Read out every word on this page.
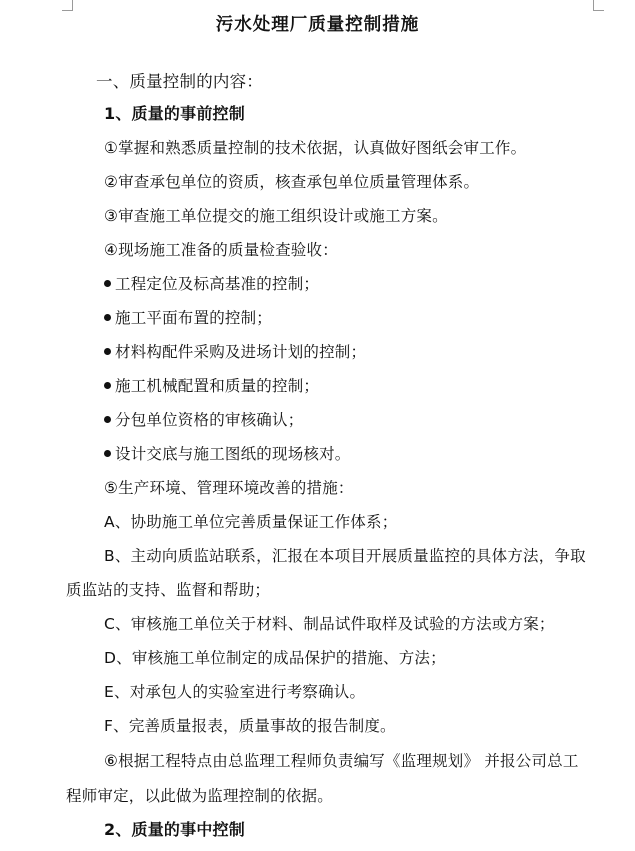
污水处理厂质量控制措施
一、质量控制的内容：
1、质量的事前控制
①掌握和熟悉质量控制的技术依据，认真做好图纸会审工作。
②审查承包单位的资质，核查承包单位质量管理体系。
③审查施工单位提交的施工组织设计或施工方案。
④现场施工准备的质量检查验收：
工程定位及标高基准的控制；
施工平面布置的控制；
材料构配件采购及进场计划的控制；
施工机械配置和质量的控制；
分包单位资格的审核确认；
设计交底与施工图纸的现场核对。
⑤生产环境、管理环境改善的措施：
A、协助施工单位完善质量保证工作体系；
B、主动向质监站联系，汇报在本项目开展质量监控的具体方法，争取
质监站的支持、监督和帮助；
C、审核施工单位关于材料、制品试件取样及试验的方法或方案；
D、审核施工单位制定的成品保护的措施、方法；
E、对承包人的实验室进行考察确认。
F、完善质量报表，质量事故的报告制度。
⑥根据工程特点由总监理工程师负责编写《监理规划》 并报公司总工
程师审定，以此做为监理控制的依据。
2、质量的事中控制
